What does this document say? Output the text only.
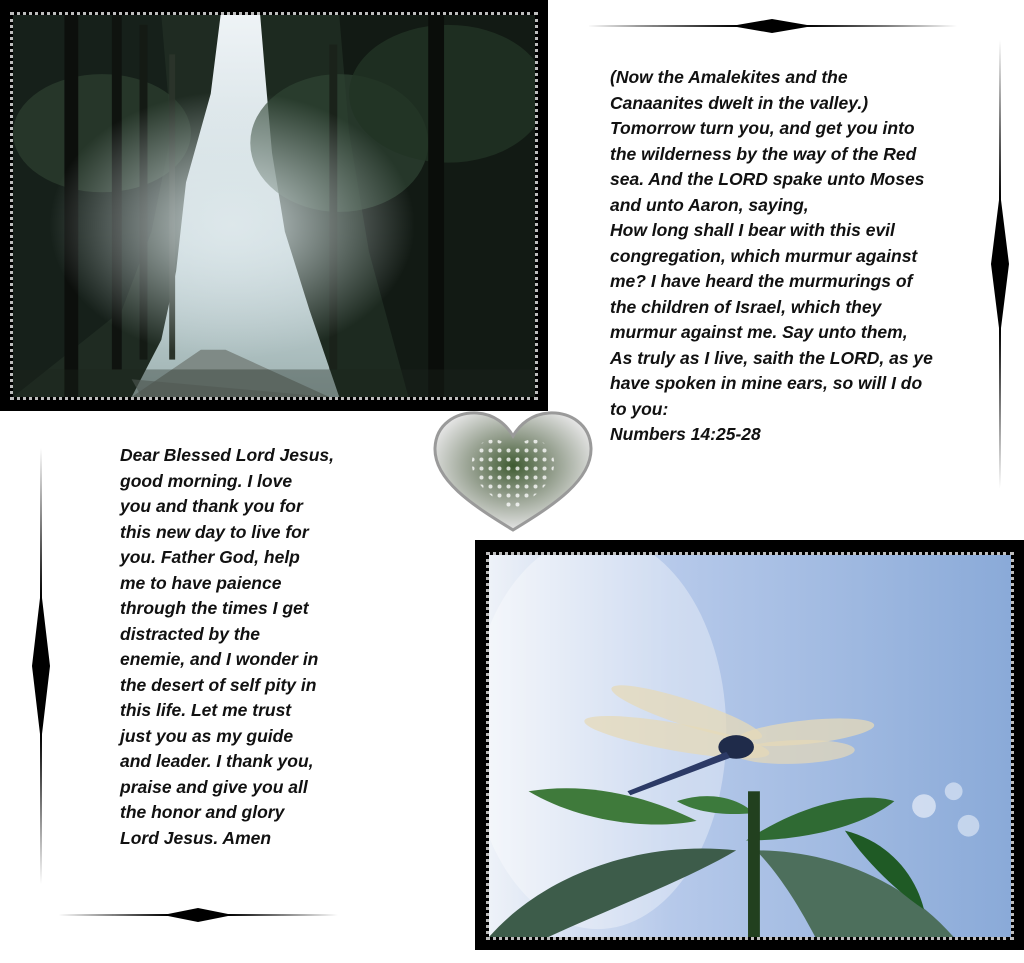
(Now the Amalekites and the
Canaanites dwelt in the valley.)
Tomorrow turn you, and get you into
the wilderness by the way of the Red
sea. And the LORD spake unto Moses
and unto Aaron, saying,
How long shall I bear with this evil
congregation, which murmur against
me? I have heard the murmurings of
the children of Israel, which they
murmur against me. Say unto them,
As truly as I live, saith the LORD, as ye
have spoken in mine ears, so will I do
to you:
Numbers 14:25-28

Dear Blessed Lord Jesus,
good morning. I love
you and thank you for
this new day to live for
you. Father God, help
me to have paience
through the times I get
distracted by the
enemie, and I wonder in
the desert of self pity in
this life. Let me trust
just you as my guide
and leader. I thank you,
praise and give you all
the honor and glory
Lord Jesus. Amen
